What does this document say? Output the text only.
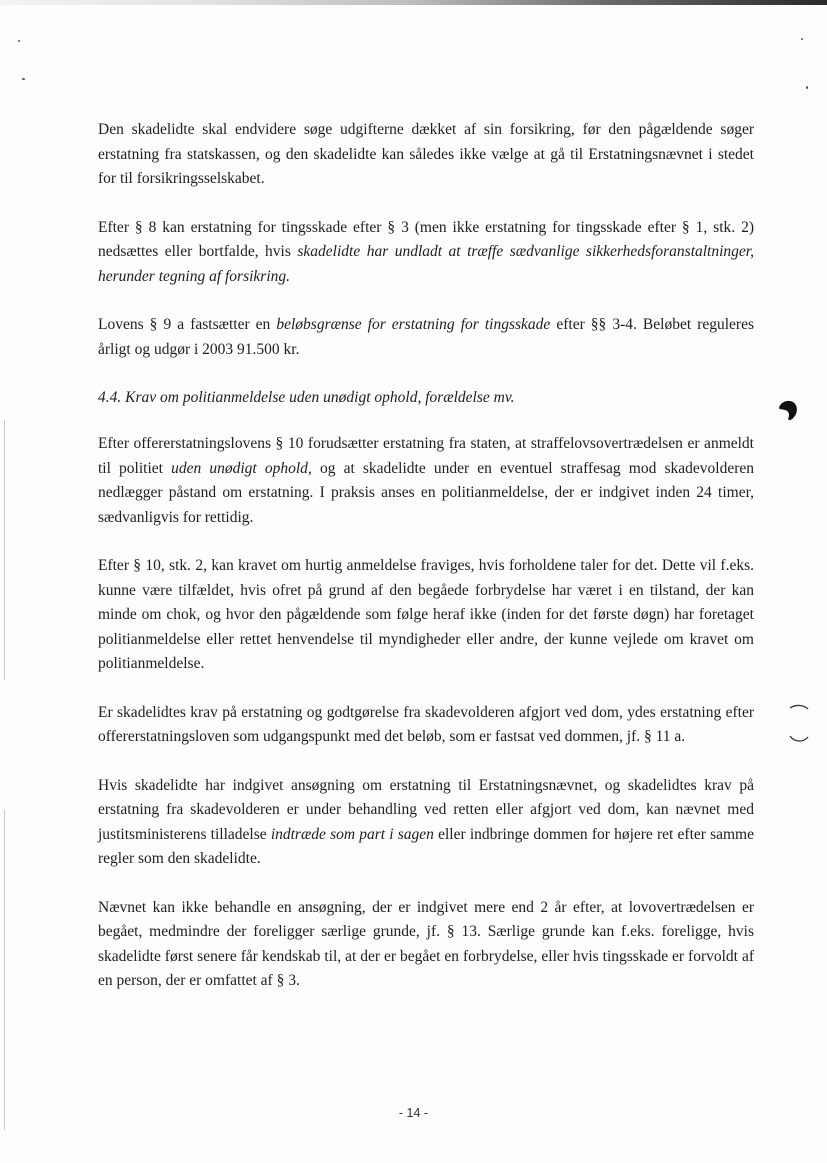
Den skadelidte skal endvidere søge udgifterne dækket af sin forsikring, før den pågældende søger erstatning fra statskassen, og den skadelidte kan således ikke vælge at gå til Erstatningsnævnet i stedet for til forsikringsselskabet.

Efter § 8 kan erstatning for tingsskade efter § 3 (men ikke erstatning for tingsskade efter § 1, stk. 2) nedsættes eller bortfalde, hvis skadelidte har undladt at træffe sædvanlige sikkerhedsforanstaltninger, herunder tegning af forsikring.

Lovens § 9 a fastsætter en beløbsgrænse for erstatning for tingsskade efter §§ 3-4. Beløbet reguleres årligt og udgør i 2003 91.500 kr.

4.4. Krav om politianmeldelse uden unødigt ophold, forældelse mv.

Efter offererstatningslovens § 10 forudsætter erstatning fra staten, at straffelovsovertrædelsen er anmeldt til politiet uden unødigt ophold, og at skadelidte under en eventuel straffesag mod skadevolderen nedlægger påstand om erstatning. I praksis anses en politianmeldelse, der er indgivet inden 24 timer, sædvanligvis for rettidig.

Efter § 10, stk. 2, kan kravet om hurtig anmeldelse fraviges, hvis forholdene taler for det. Dette vil f.eks. kunne være tilfældet, hvis ofret på grund af den begåede forbrydelse har været i en tilstand, der kan minde om chok, og hvor den pågældende som følge heraf ikke (inden for det første døgn) har foretaget politianmeldelse eller rettet henvendelse til myndigheder eller andre, der kunne vejlede om kravet om politianmeldelse.

Er skadelidtes krav på erstatning og godtgørelse fra skadevolderen afgjort ved dom, ydes erstatning efter offererstatningsloven som udgangspunkt med det beløb, som er fastsat ved dommen, jf. § 11 a.

Hvis skadelidte har indgivet ansøgning om erstatning til Erstatningsnævnet, og skadelidtes krav på erstatning fra skadevolderen er under behandling ved retten eller afgjort ved dom, kan nævnet med justitsministerens tilladelse indtræde som part i sagen eller indbringe dommen for højere ret efter samme regler som den skadelidte.

Nævnet kan ikke behandle en ansøgning, der er indgivet mere end 2 år efter, at lovovertrædelsen er begået, medmindre der foreligger særlige grunde, jf. § 13. Særlige grunde kan f.eks. foreligge, hvis skadelidte først senere får kendskab til, at der er begået en forbrydelse, eller hvis tingsskade er forvoldt af en person, der er omfattet af § 3.

- 14 -
